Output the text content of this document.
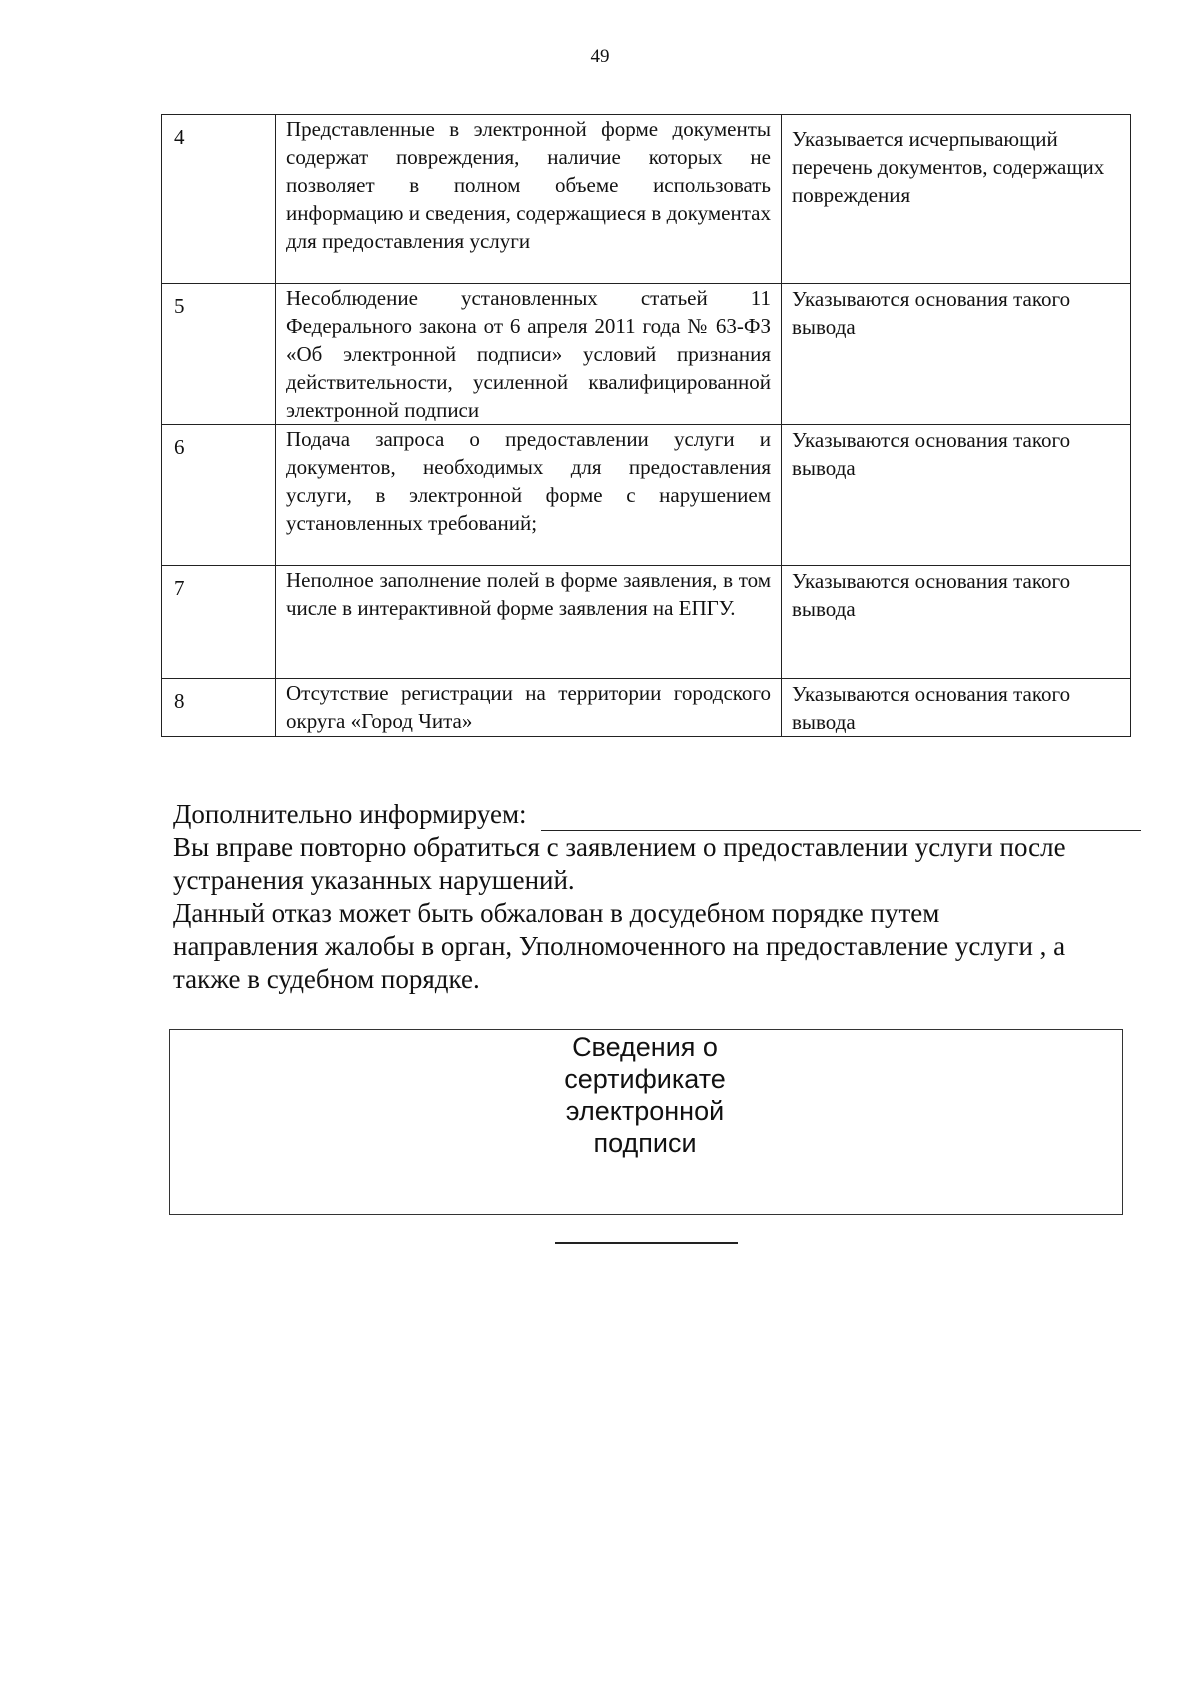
49
4	Представленные в электронной форме документы содержат повреждения, наличие которых не позволяет в полном объеме использовать информацию и сведения, содержащиеся в документах для предоставления услуги	Указывается исчерпывающий перечень документов, содержащих повреждения
5	Несоблюдение установленных статьей 11 Федерального закона от 6 апреля 2011 года № 63-ФЗ «Об электронной подписи» условий признания действительности, усиленной квалифицированной электронной подписи	Указываются основания такого вывода
6	Подача запроса о предоставлении услуги и документов, необходимых для предоставления услуги, в электронной форме с нарушением установленных требований;	Указываются основания такого вывода
7	Неполное заполнение полей в форме заявления, в том числе в интерактивной форме заявления на ЕПГУ.	Указываются основания такого вывода
8	Отсутствие регистрации на территории городского округа «Город Чита»	Указываются основания такого вывода
Дополнительно информируем:
Вы вправе повторно обратиться с заявлением о предоставлении услуги после
устранения указанных нарушений.
Данный отказ может быть обжалован в досудебном порядке путем
направления жалобы в орган, Уполномоченного на предоставление услуги , а
также в судебном порядке.
Сведения о
сертификате
электронной
подписи
